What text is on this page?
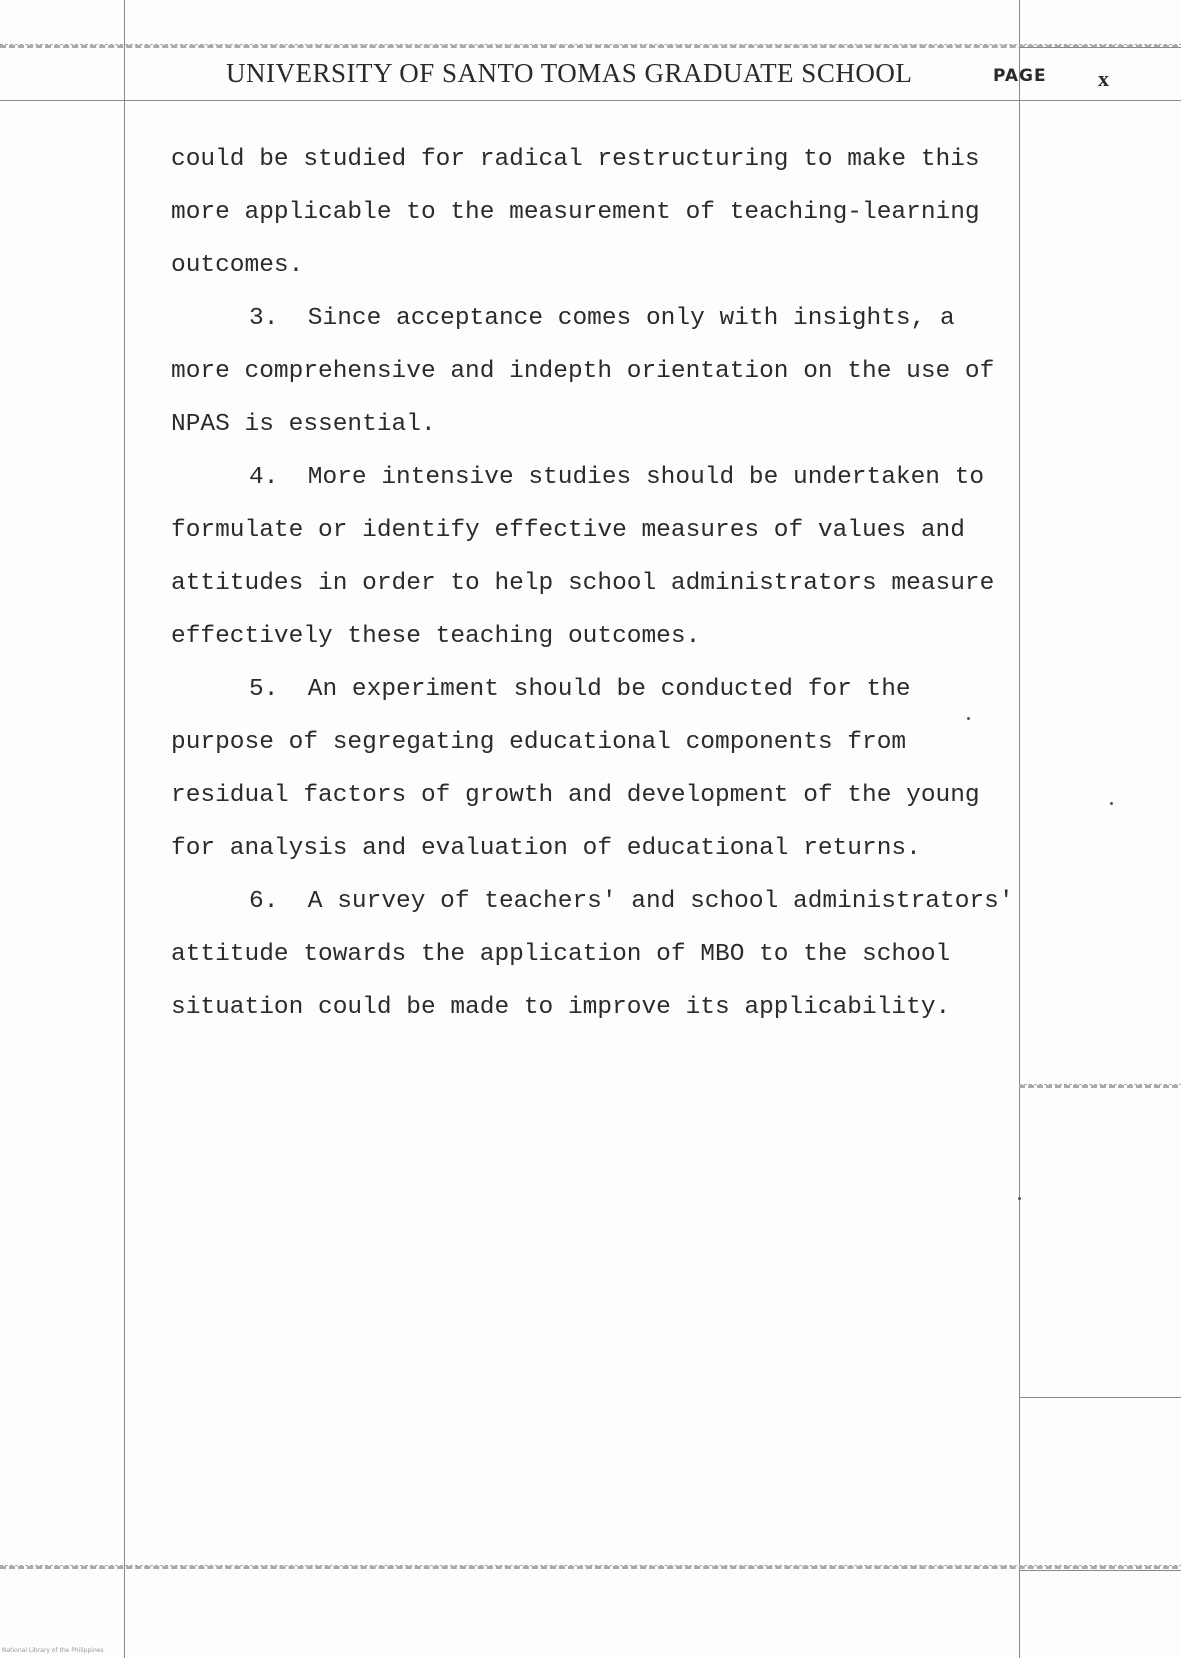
UNIVERSITY OF SANTO TOMAS GRADUATE SCHOOL	PAGE x
could be studied for radical restructuring to make this
more applicable to the measurement of teaching-learning
outcomes.
3.  Since acceptance comes only with insights, a
more comprehensive and indepth orientation on the use of
NPAS is essential.
4.  More intensive studies should be undertaken to
formulate or identify effective measures of values and
attitudes in order to help school administrators measure
effectively these teaching outcomes.
5.  An experiment should be conducted for the
purpose of segregating educational components from
residual factors of growth and development of the young
for analysis and evaluation of educational returns.
6.  A survey of teachers' and school administrators'
attitude towards the application of MBO to the school
situation could be made to improve its applicability.
National Library of the Philippines
